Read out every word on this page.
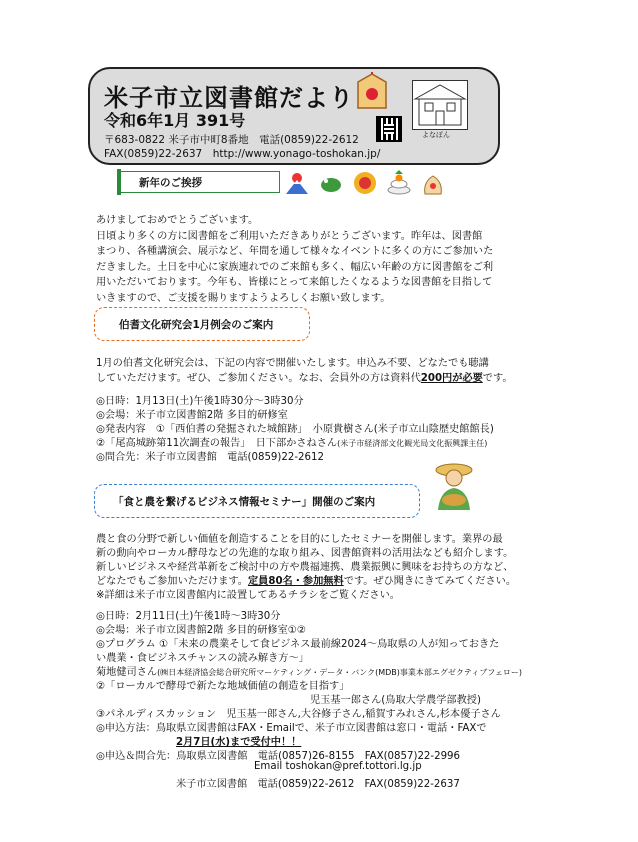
米子市立図書館だより
令和6年1月 391号
〒683-0822 米子市中町8番地　電話(0859)22-2612
FAX(0859)22-2637　http://www.yonago-toshokan.jp/
よなぽん
新年のご挨拶
あけましておめでとうございます。
日頃より多くの方に図書館をご利用いただきありがとうございます。昨年は、図書館
まつり、各種講演会、展示など、年間を通して様々なイベントに多くの方にご参加いた
だきました。土日を中心に家族連れでのご来館も多く、幅広い年齢の方に図書館をご利
用いただいております。今年も、皆様にとって来館したくなるような図書館を目指して
いきますので、ご支援を賜りますようよろしくお願い致します。
伯耆文化研究会1月例会のご案内
1月の伯耆文化研究会は、下記の内容で開催いたします。申込み不要、どなたでも聴講
していただけます。ぜひ、ご参加ください。なお、会員外の方は資料代200円が必要です。
◎日時：1月13日(土)午後1時30分～3時30分
◎会場：米子市立図書館2階 多目的研修室
◎発表内容　①「西伯耆の発掘された城館跡」　小原貴樹さん(米子市立山陰歴史館館長)
②「尾高城跡第11次調査の報告」　日下部かさねさん(米子市経済部文化観光局文化振興課主任)
◎問合先：米子市立図書館　電話(0859)22-2612
「食と農を繋げるビジネス情報セミナー」開催のご案内
農と食の分野で新しい価値を創造することを目的にしたセミナーを開催します。業界の最
新の動向やローカル酵母などの先進的な取り組み、図書館資料の活用法なども紹介します。
新しいビジネスや経営革新をご検討中の方や農福連携、農業振興に興味をお持ちの方など、
どなたでもご参加いただけます。定員80名・参加無料です。ぜひ聞きにきてみてください。
※詳細は米子市立図書館内に設置してあるチラシをご覧ください。
◎日時：2月11日(土)午後1時～3時30分
◎会場：米子市立図書館2階 多目的研修室①②
◎プログラム ①「未来の農業そして食ビジネス最前線2024～鳥取県の人が知っておきた
い農業・食ビジネスチャンスの読み解き方～」
菊地健司さん(㈱日本経済協会総合研究所マーケティング・データ・バンク(MDB)事業本部エグゼクティブフェロー)
②「ローカルで酵母で新たな地域価値の創造を目指す」
児玉基一郎さん(鳥取大学農学部教授)
③パネルディスカッション　児玉基一郎さん,大谷修子さん,稲賀すみれさん,杉本優子さん
◎申込方法：鳥取県立図書館はFAX・Emailで、米子市立図書館は窓口・電話・FAXで
2月7日(水)まで受付中！！
◎申込＆問合先：鳥取県立図書館　電話(0857)26-8155　FAX(0857)22-2996
Email toshokan@pref.tottori.lg.jp
米子市立図書館　電話(0859)22-2612　FAX(0859)22-2637
